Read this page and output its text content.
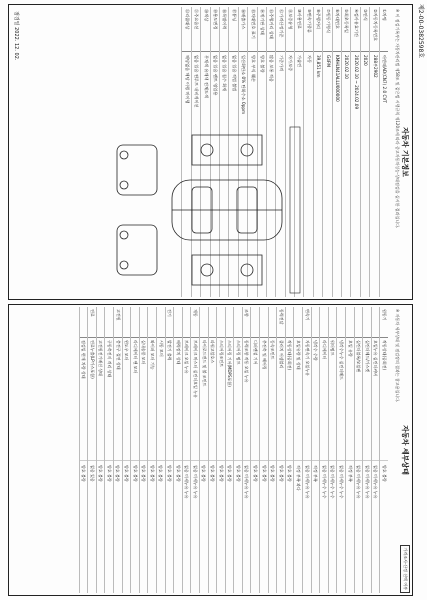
제2-00-0382598호
자동차 기본정보
※ 이 점검기록부는 자동차관리법 제58조 및 같은법 시행규칙 제120조에 따라 중고자동차성능·상태점검을 실시한 결과입니다.
①차명
아반떼AD(CN7) 2.0 CVT
②자동차등록번호
288부2902
③연식
2020
④검사유효기간
2020.02.10 ~ 2024.02.09
⑤최초등록일
2020.02.10
⑥차대번호
KMHLN41ALLU000000
⑦원동기형식
G4FM
⑧주행거리
39,851 km
⑨변속기종류
자동
⑩사용연료
가솔린
⑪보증유형
자가보증
⑫가격산정기준
기준가격
⑬주행거리 상태
많음 보통 적음
⑭계기판 상태
양호 불량
⑮차대번호 표기
양호 부식 훼손
⑯배출가스
일산화탄소 0% 탄화수소 0ppm
⑰튜닝
없음 있음 적법 불법
⑱특별이력
없음 있음 침수 화재
⑲용도변경
없음 있음 렌트 영업용
⑳색상
무채색 유채색 전체도색
㉑주요옵션
없음 있음 썬루프 내비게이션
㉒리콜대상
해당없음 해당 이행 미이행
점검일 2022. 12. 02.
자동차 세부상태
가격조사·산정 선택 여부
※ 자동차 세부상태 및 점검장의 결과는 참고용입니다.
원동기
작동상태(공회전)
양호 불량
오일누유 실린더커버
없음 미세누유 누유
실린더헤드/가스켓
없음 미세누유 누유
실린더블록/오일팬
없음 미세누유 누유
오일 유량
적정 부족
냉각수누수 실린더헤드
없음 미세누수 누수
워터펌프
없음 미세누수 누수
라디에이터
없음 미세누수 누수
냉각수 수량
적정 부족
변속기
자동변속기 오일누유
없음 미세누유 누유
오일유량 및 상태
적정 부족 과다
작동상태(공회전)
양호 불량
동력전달
클러치 어셈블리
양호 불량
등속조인트
양호 불량
추진축 및 베어링
양호 불량
디퍼렌셜 기어
양호 불량
조향
동력조향 작동 오일 누유
없음 미세누유 누유
스티어링 펌프
양호 불량
스티어링 기어(MDPS포함)
양호 불량
스티어링조인트
양호 불량
파워고압호스
양호 불량
타이로드엔드 및 볼 조인트
양호 불량
제동
브레이크 마스터 실린더오일 누유
없음 미세누유 누유
브레이크 오일 누유
없음 미세누유 누유
배력장치 상태
양호 불량
전기
발전기 출력
양호 불량
시동 모터
양호 불량
와이퍼 모터 기능
양호 불량
실내송풍 모터
양호 불량
라디에이터 팬 모터
양호 불량
윈도우 모터
양호 불량
고전원
충전구 절연 상태
양호 불량
구동축전지 격리 상태
양호 불량
고전원전기배선 상태
양호 불량
연료
연료누출(LP가스포함)
없음 있음
점검일 현재 차량 상태
양호 불량
